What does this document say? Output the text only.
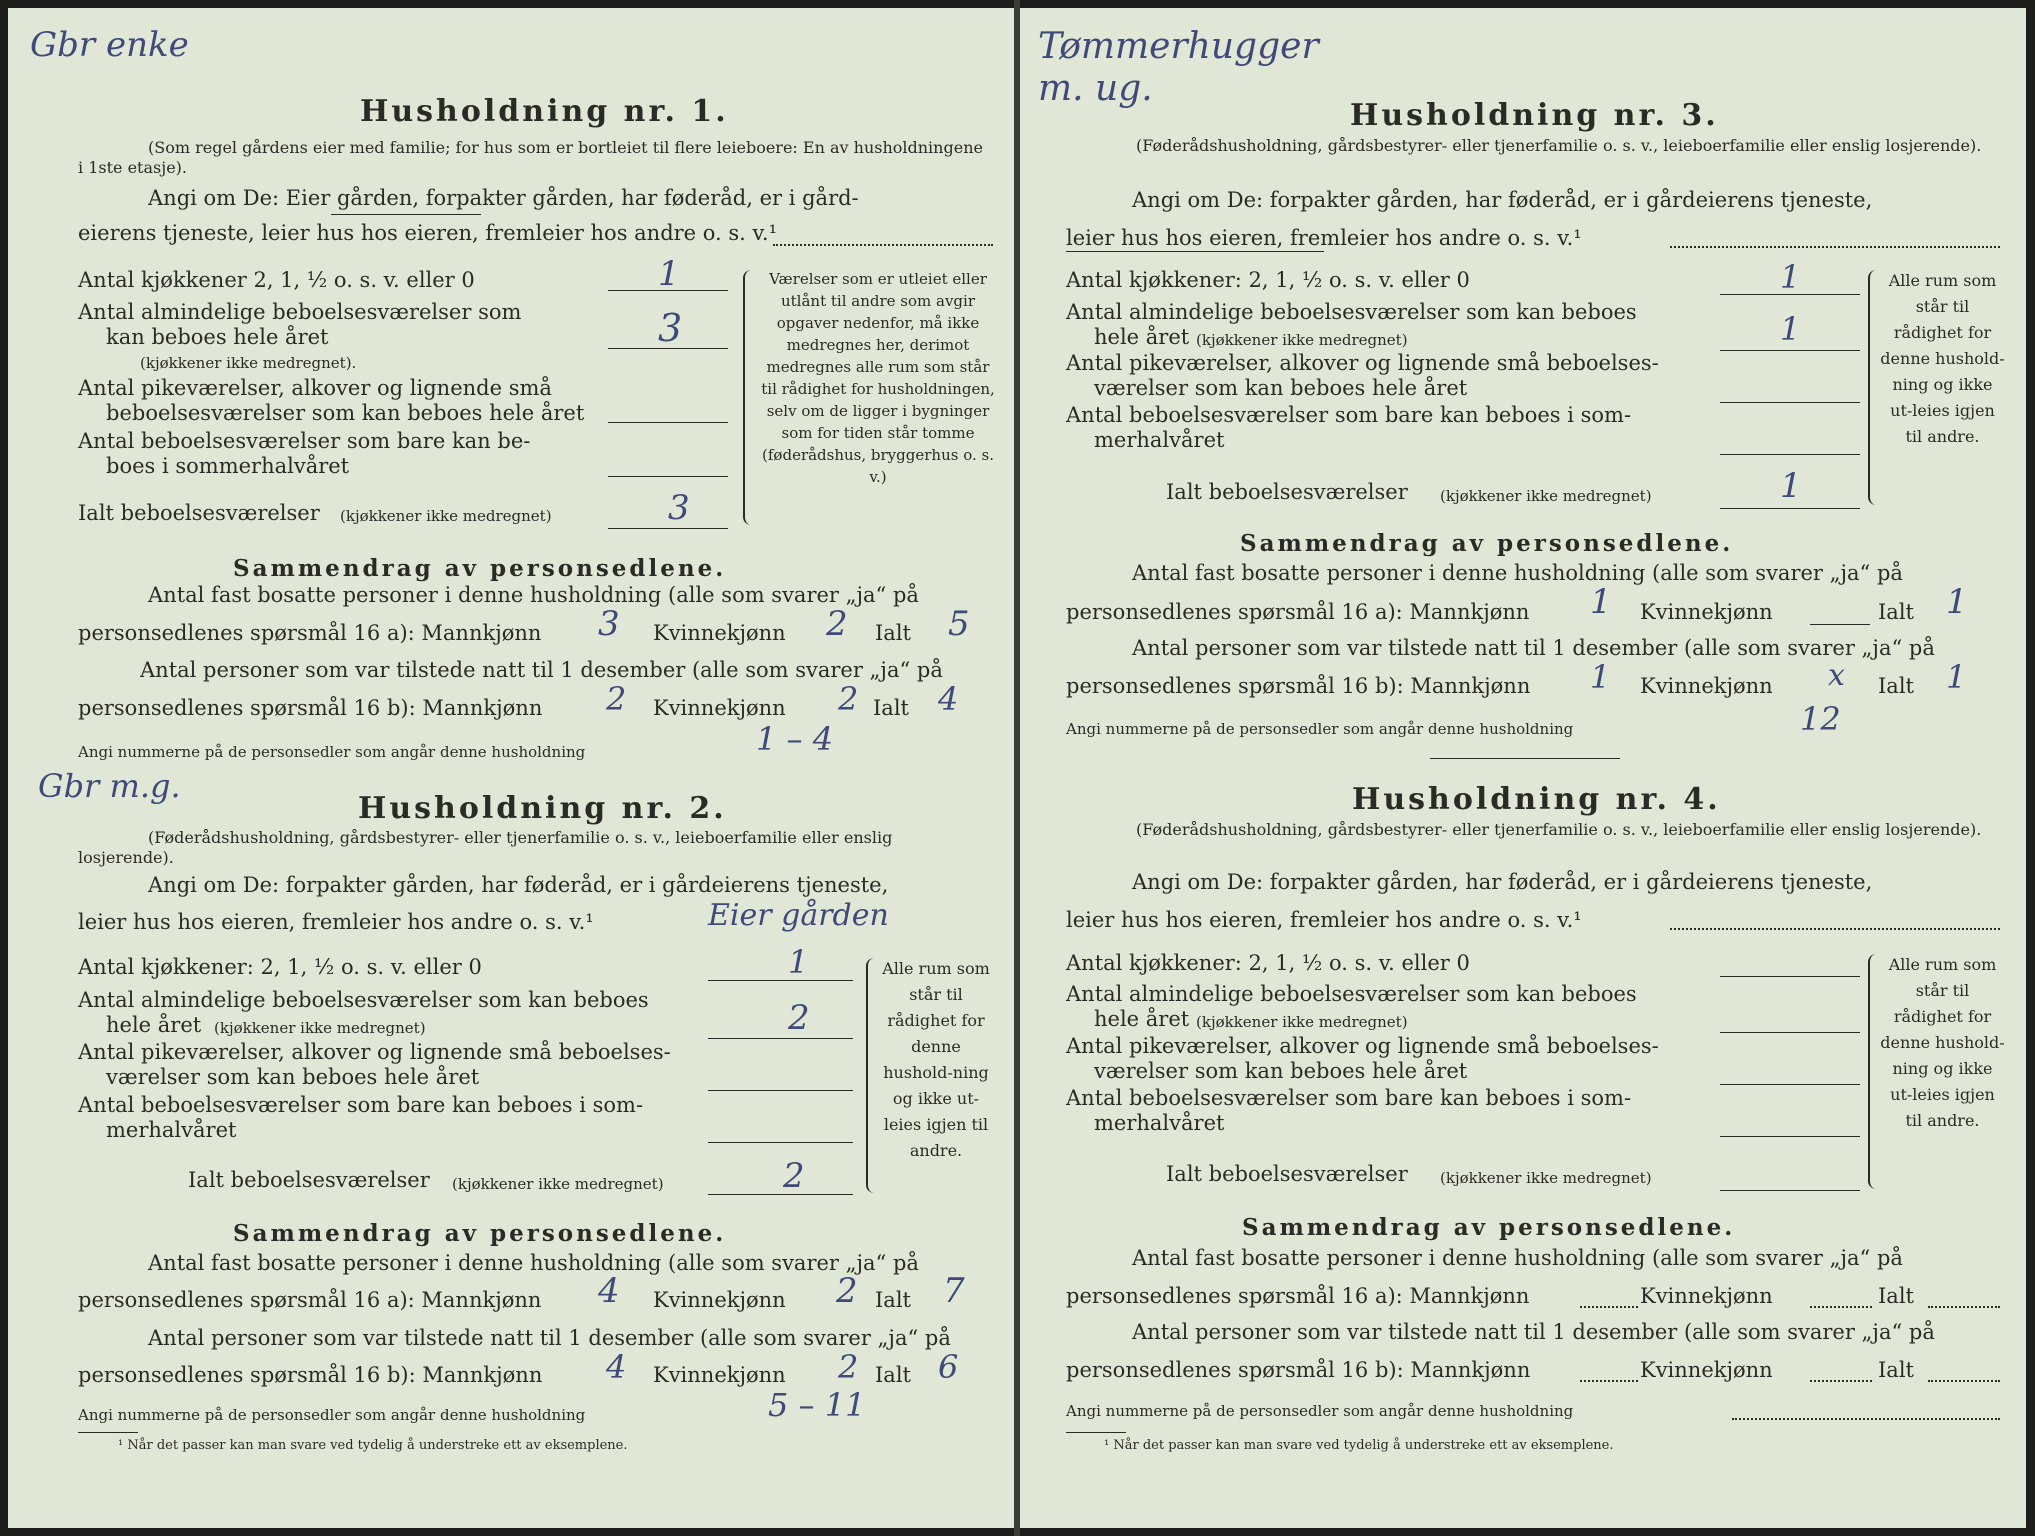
Gbr enke
Husholdning nr. 1.
(Som regel gårdens eier med familie; for hus som er bortleiet til flere leieboere: En av husholdningene i 1ste etasje).
Angi om De: Eier gården, forpakter gården, har føderåd, er i gård-
eierens tjeneste, leier hus hos eieren, fremleier hos andre o. s. v.¹
Antal kjøkkener 2, 1, ½ o. s. v. eller 0	1
Antal almindelige beboelsesværelser som
kan beboes hele året
(kjøkkener ikke medregnet).
3
Antal pikeværelser, alkover og lignende små
beboelsesværelser som kan beboes hele året
Antal beboelsesværelser som bare kan be-
boes i sommerhalvåret
Ialt beboelsesværelser (kjøkkener ikke medregnet)	3
Værelser som er utleiet eller utlånt til andre som avgir opgaver nedenfor, må ikke medregnes her, derimot medregnes alle rum som står til rådighet for husholdningen, selv om de ligger i bygninger som for tiden står tomme (føderådshus, bryggerhus o. s. v.)
Sammendrag av personsedlene.
Antal fast bosatte personer i denne husholdning (alle som svarer „ja“ på
personsedlenes spørsmål 16 a): Mannkjønn 3 Kvinnekjønn 2 Ialt 5
Antal personer som var tilstede natt til 1 desember (alle som svarer „ja“ på
personsedlenes spørsmål 16 b): Mannkjønn 2 Kvinnekjønn 2 Ialt 4
Angi nummerne på de personsedler som angår denne husholdning	1 – 4
Gbr m.g.
Husholdning nr. 2.
(Føderådshusholdning, gårdsbestyrer- eller tjenerfamilie o. s. v., leieboerfamilie eller enslig losjerende).
Angi om De: forpakter gården, har føderåd, er i gårdeierens tjeneste,
leier hus hos eieren, fremleier hos andre o. s. v.¹	Eier gården
Antal kjøkkener: 2, 1, ½ o. s. v. eller 0	1
Antal almindelige beboelsesværelser som kan beboes
hele året (kjøkkener ikke medregnet)	2
Antal pikeværelser, alkover og lignende små beboelses-
værelser som kan beboes hele året
Antal beboelsesværelser som bare kan beboes i som-
merhalvåret
Ialt beboelsesværelser (kjøkkener ikke medregnet)	2
Alle rum som står til rådighet for denne hushold-ning og ikke ut-leies igjen til andre.
Sammendrag av personsedlene.
Antal fast bosatte personer i denne husholdning (alle som svarer „ja“ på
personsedlenes spørsmål 16 a): Mannkjønn 4 Kvinnekjønn 2 Ialt 7
Antal personer som var tilstede natt til 1 desember (alle som svarer „ja“ på
personsedlenes spørsmål 16 b): Mannkjønn 4 Kvinnekjønn 2 Ialt 6
Angi nummerne på de personsedler som angår denne husholdning	5 – 11
¹ Når det passer kan man svare ved tydelig å understreke ett av eksemplene.
Tømmerhugger m. ug.
Husholdning nr. 3.
(Føderådshusholdning, gårdsbestyrer- eller tjenerfamilie o. s. v., leieboerfamilie eller enslig losjerende).
Angi om De: forpakter gården, har føderåd, er i gårdeierens tjeneste,
leier hus hos eieren, fremleier hos andre o. s. v.¹
Antal kjøkkener: 2, 1, ½ o. s. v. eller 0	1
Antal almindelige beboelsesværelser som kan beboes
hele året (kjøkkener ikke medregnet)	1
Antal pikeværelser, alkover og lignende små beboelses-
værelser som kan beboes hele året
Antal beboelsesværelser som bare kan beboes i som-
merhalvåret
Ialt beboelsesværelser (kjøkkener ikke medregnet)	1
Alle rum som står til rådighet for denne hushold-ning og ikke ut-leies igjen til andre.
Sammendrag av personsedlene.
Antal fast bosatte personer i denne husholdning (alle som svarer „ja“ på
personsedlenes spørsmål 16 a): Mannkjønn 1 Kvinnekjønn	Ialt 1
Antal personer som var tilstede natt til 1 desember (alle som svarer „ja“ på
personsedlenes spørsmål 16 b): Mannkjønn 1 Kvinnekjønn x Ialt 1
Angi nummerne på de personsedler som angår denne husholdning	12
Husholdning nr. 4.
(Føderådshusholdning, gårdsbestyrer- eller tjenerfamilie o. s. v., leieboerfamilie eller enslig losjerende).
Angi om De: forpakter gården, har føderåd, er i gårdeierens tjeneste,
leier hus hos eieren, fremleier hos andre o. s. v.¹
Antal kjøkkener: 2, 1, ½ o. s. v. eller 0
Antal almindelige beboelsesværelser som kan beboes
hele året (kjøkkener ikke medregnet)
Antal pikeværelser, alkover og lignende små beboelses-
værelser som kan beboes hele året
Antal beboelsesværelser som bare kan beboes i som-
merhalvåret
Ialt beboelsesværelser (kjøkkener ikke medregnet)
Alle rum som står til rådighet for denne hushold-ning og ikke ut-leies igjen til andre.
Sammendrag av personsedlene.
Antal fast bosatte personer i denne husholdning (alle som svarer „ja“ på
personsedlenes spørsmål 16 a): Mannkjønn	Kvinnekjønn	Ialt
Antal personer som var tilstede natt til 1 desember (alle som svarer „ja“ på
personsedlenes spørsmål 16 b): Mannkjønn	Kvinnekjønn	Ialt
Angi nummerne på de personsedler som angår denne husholdning
¹ Når det passer kan man svare ved tydelig å understreke ett av eksemplene.
